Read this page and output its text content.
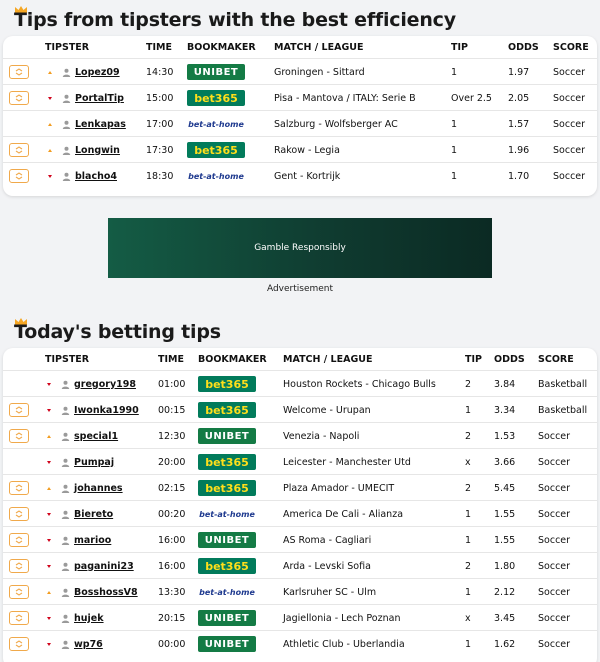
Tips from tipsters with the best efficiency
TIPSTER	TIME BOOKMAKER MATCH / LEAGUE	TIP	ODDS SCORE
Lopez09	14:30	UNIBET	Groningen - Sittard	1	1.97	Soccer
PortalTip 15:00	bet365	Pisa - Mantova / ITALY: Serie B	Over 2.5 2.05	Soccer
Lenkapas 17:00 bet-at-home	Salzburg - Wolfsberger AC	1	1.57	Soccer
Longwin	17:30	bet365	Rakow - Legia	1	1.96	Soccer
blacho4	18:30 bet-at-home	Gent - Kortrijk	1	1.70	Soccer
Gamble Responsibly
Advertisement
Today's betting tips
TIPSTER	TIME BOOKMAKER MATCH / LEAGUE	TIP ODDS SCORE
gregory198 01:00	bet365	Houston Rockets - Chicago Bulls	2 3.84 Basketball
Iwonka1990 00:15	bet365	Welcome - Urupan	1 3.34 Basketball
special1	12:30	UNIBET	Venezia - Napoli	2 1.53 Soccer
Pumpaj	20:00	bet365	Leicester - Manchester Utd	x 3.66 Soccer
johannes	02:15	bet365	Plaza Amador - UMECIT	2 5.45 Soccer
Biereto	00:20 bet-at-home	America De Cali - Alianza	1 1.55 Soccer
marioo	16:00	UNIBET	AS Roma - Cagliari	1 1.55 Soccer
paganini23	16:00	bet365	Arda - Levski Sofia	2 1.80 Soccer
BosshossV8 13:30 bet-at-home	Karlsruher SC - Ulm	1 2.12 Soccer
hujek	20:15	UNIBET	Jagiellonia - Lech Poznan	x 3.45 Soccer
wp76	00:00	UNIBET	Athletic Club - Uberlandia	1 1.62 Soccer
